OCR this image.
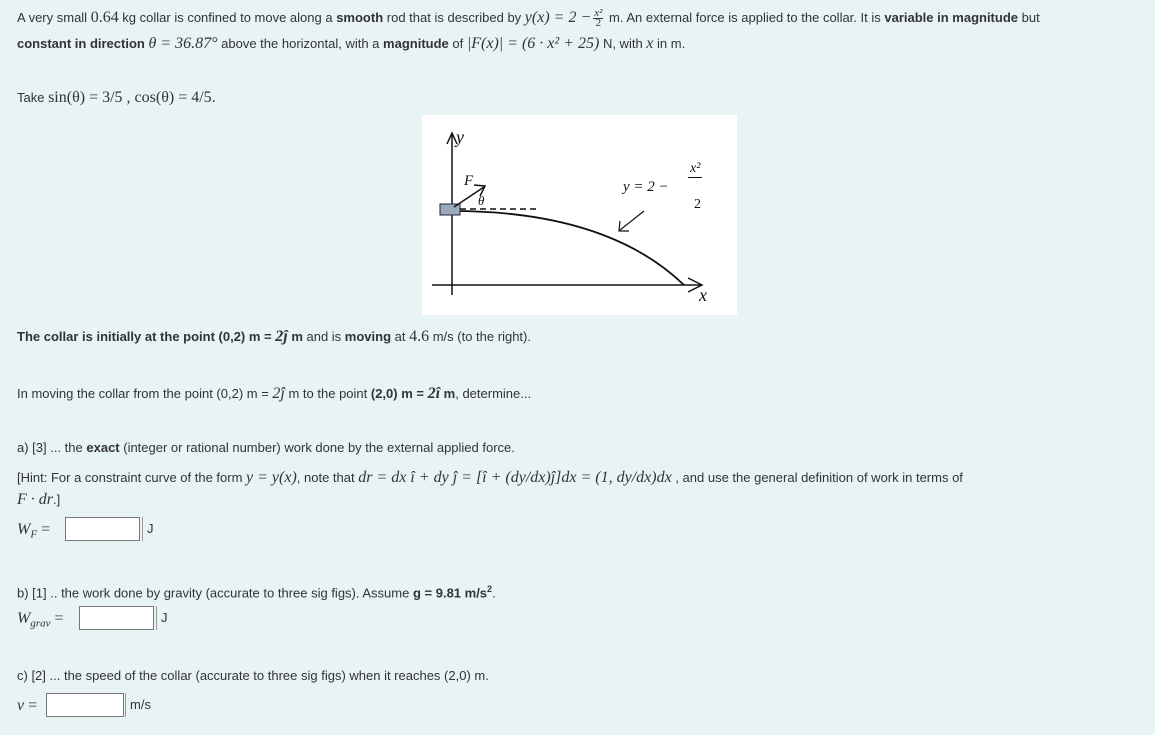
A very small 0.64 kg collar is confined to move along a smooth rod that is described by $y(x) = 2 - \frac{\text{x²}}{2} m$. An external force is applied to the collar. It is variable in magnitude but
constant in direction θ = 36.87° above the horizontal, with a magnitude of |F(x)| = (6 · x² + 25) N, with x in m.
Take sin(θ) = 3/5 , cos(θ) = 4/5.
y
x
F
θ
y = 2 −
x²
2
The collar is initially at the point (0,2) m = 2ĵ m and is moving at 4.6 m/s (to the right).
In moving the collar from the point (0,2) m = 2ĵ m to the point (2,0) m = 2î m, determine...
a) [3] ... the exact (integer or rational number) work done by the external applied force.
[Hint: For a constraint curve of the form y = y(x), note that dr = dx î + dy ĵ = [î + (dy/dx)ĵ]dx = (1, dy/dx)dx , and use the general definition of work in terms of
F · dr.]
$W_F$ =	J
b) [1] .. the work done by gravity (accurate to three sig figs). Assume g = 9.81 $m/s^2$.
$W_{grav}$ =	J
c) [2] ... the speed of the collar (accurate to three sig figs) when it reaches (2,0) m.
v =	m/s
